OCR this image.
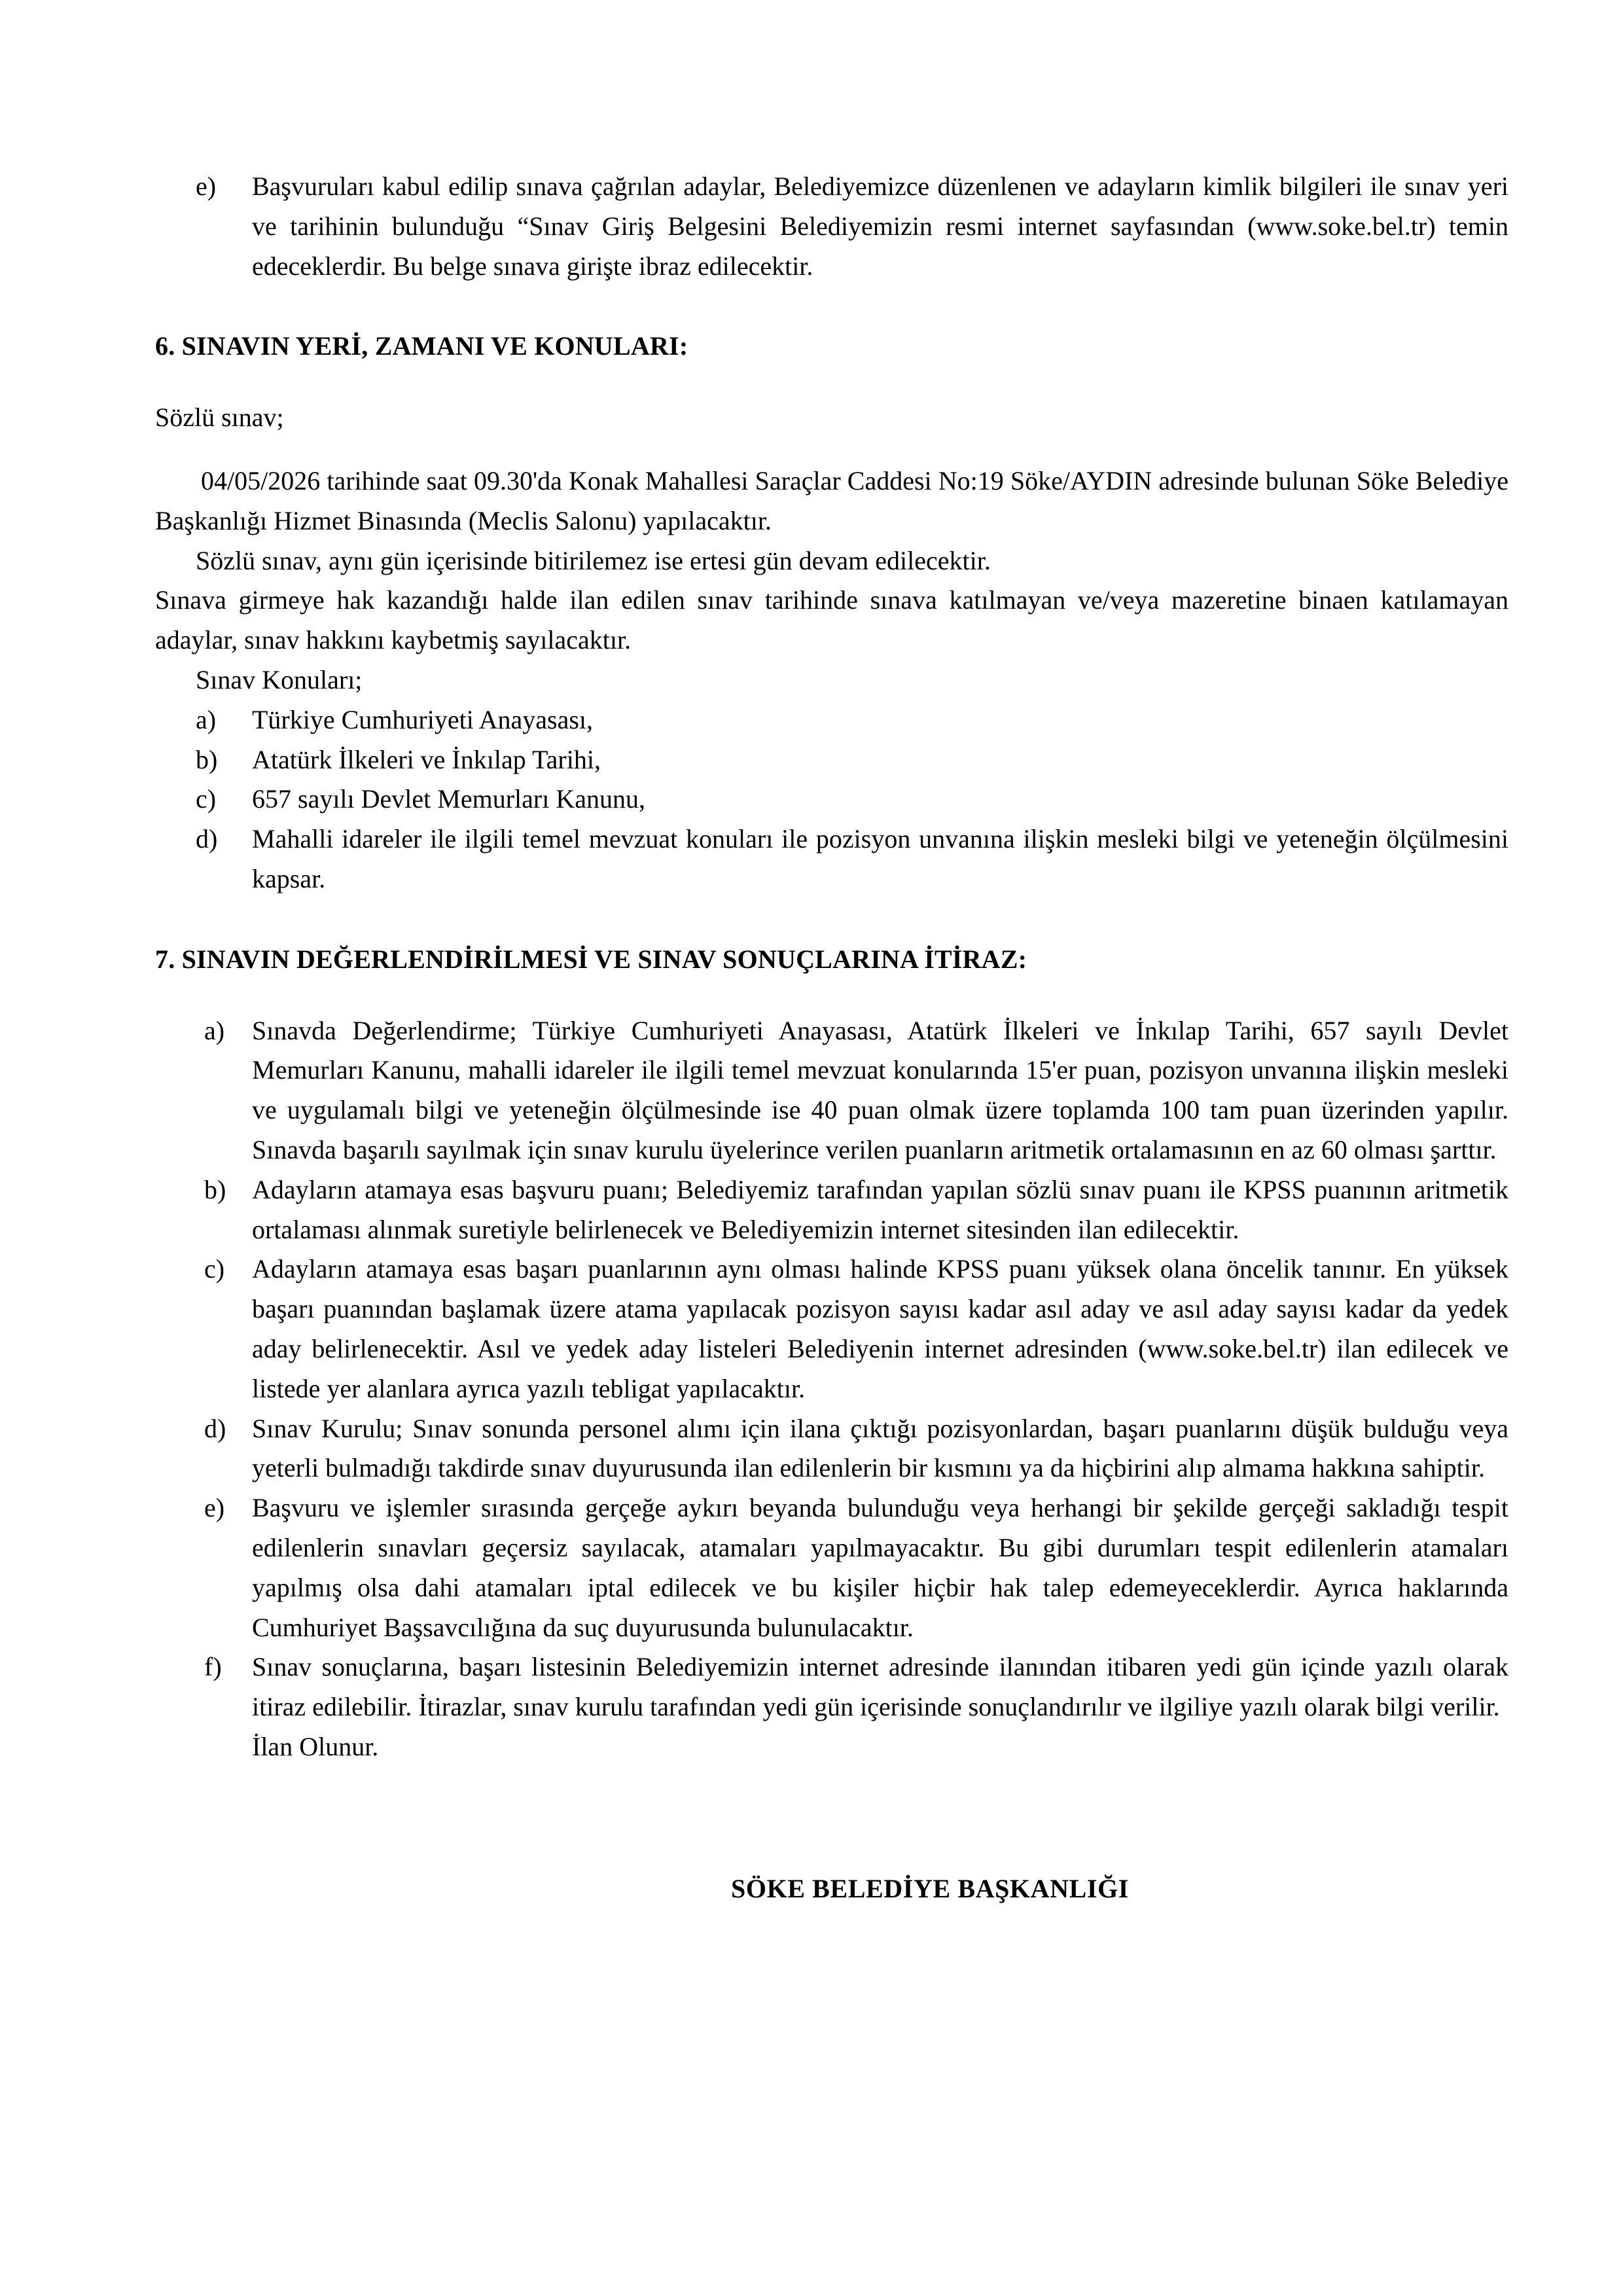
e)	Başvuruları kabul edilip sınava çağrılan adaylar, Belediyemizce düzenlenen ve adayların kimlik bilgileri ile sınav yeri ve tarihinin bulunduğu “Sınav Giriş Belgesini Belediyemizin resmi internet sayfasından (www.soke.bel.tr) temin edeceklerdir. Bu belge sınava girişte ibraz edilecektir.

6. SINAVIN YERİ, ZAMANI VE KONULARI:

Sözlü sınav;

04/05/2026 tarihinde saat 09.30'da Konak Mahallesi Saraçlar Caddesi No:19 Söke/AYDIN adresinde bulunan Söke Belediye Başkanlığı Hizmet Binasında (Meclis Salonu) yapılacaktır.

Sözlü sınav, aynı gün içerisinde bitirilemez ise ertesi gün devam edilecektir.

Sınava girmeye hak kazandığı halde ilan edilen sınav tarihinde sınava katılmayan ve/veya mazeretine binaen katılamayan adaylar, sınav hakkını kaybetmiş sayılacaktır.

Sınav Konuları;

a)	Türkiye Cumhuriyeti Anayasası,
b)	Atatürk İlkeleri ve İnkılap Tarihi,
c)	657 sayılı Devlet Memurları Kanunu,
d)	Mahalli idareler ile ilgili temel mevzuat konuları ile pozisyon unvanına ilişkin mesleki bilgi ve yeteneğin ölçülmesini kapsar.

7. SINAVIN DEĞERLENDİRİLMESİ VE SINAV SONUÇLARINA İTİRAZ:

a)	Sınavda Değerlendirme; Türkiye Cumhuriyeti Anayasası, Atatürk İlkeleri ve İnkılap Tarihi, 657 sayılı Devlet Memurları Kanunu, mahalli idareler ile ilgili temel mevzuat konularında 15'er puan, pozisyon unvanına ilişkin mesleki ve uygulamalı bilgi ve yeteneğin ölçülmesinde ise 40 puan olmak üzere toplamda 100 tam puan üzerinden yapılır. Sınavda başarılı sayılmak için sınav kurulu üyelerince verilen puanların aritmetik ortalamasının en az 60 olması şarttır.
b) Adayların atamaya esas başvuru puanı; Belediyemiz tarafından yapılan sözlü sınav puanı ile KPSS puanının aritmetik ortalaması alınmak suretiyle belirlenecek ve Belediyemizin internet sitesinden ilan edilecektir.
c)	Adayların atamaya esas başarı puanlarının aynı olması halinde KPSS puanı yüksek olana öncelik tanınır. En yüksek başarı puanından başlamak üzere atama yapılacak pozisyon sayısı kadar asıl aday ve asıl aday sayısı kadar da yedek aday belirlenecektir. Asıl ve yedek aday listeleri Belediyenin internet adresinden (www.soke.bel.tr) ilan edilecek ve listede yer alanlara ayrıca yazılı tebligat yapılacaktır.
d) Sınav Kurulu; Sınav sonunda personel alımı için ilana çıktığı pozisyonlardan, başarı puanlarını düşük bulduğu veya yeterli bulmadığı takdirde sınav duyurusunda ilan edilenlerin bir kısmını ya da hiçbirini alıp almama hakkına sahiptir.
e)	Başvuru ve işlemler sırasında gerçeğe aykırı beyanda bulunduğu veya herhangi bir şekilde gerçeği sakladığı tespit edilenlerin sınavları geçersiz sayılacak, atamaları yapılmayacaktır. Bu gibi durumları tespit edilenlerin atamaları yapılmış olsa dahi atamaları iptal edilecek ve bu kişiler hiçbir hak talep edemeyeceklerdir. Ayrıca haklarında Cumhuriyet Başsavcılığına da suç duyurusunda bulunulacaktır.
f)	Sınav sonuçlarına, başarı listesinin Belediyemizin internet adresinde ilanından itibaren yedi gün içinde yazılı olarak itiraz edilebilir. İtirazlar, sınav kurulu tarafından yedi gün içerisinde sonuçlandırılır ve ilgiliye yazılı olarak bilgi verilir.

İlan Olunur.

SÖKE BELEDİYE BAŞKANLIĞI
